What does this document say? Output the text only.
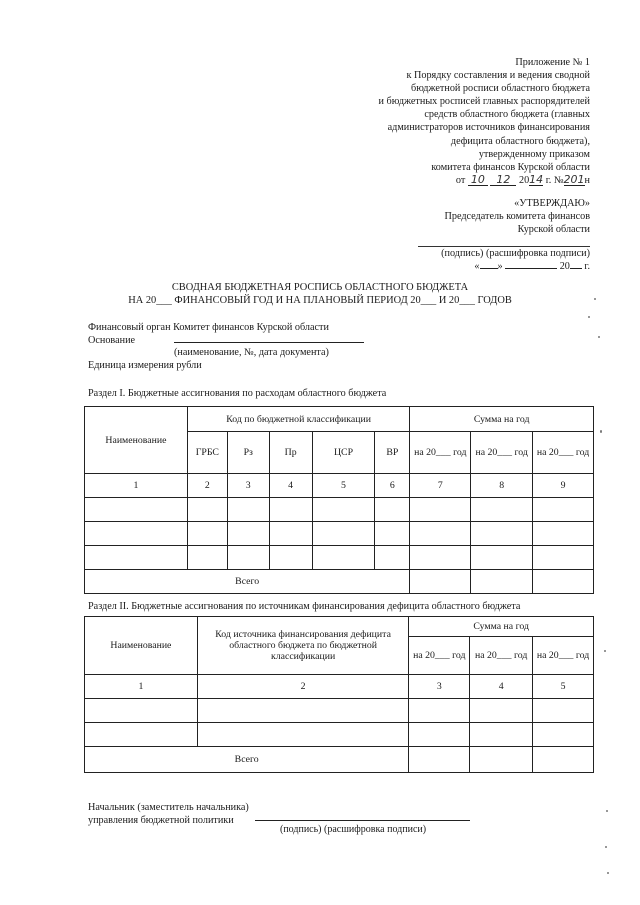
Приложение № 1
к Порядку составления и ведения сводной
бюджетной росписи областного бюджета
и бюджетных росписей главных распорядителей
средств областного бюджета (главных
администраторов источников финансирования
дефицита областного бюджета),
утвержденному приказом
комитета финансов Курской области
от 10 12 2014 г. №201н
«УТВЕРЖДАЮ»
Председатель комитета финансов
Курской области
(подпись) (расшифровка подписи)
« »	20 г.
СВОДНАЯ БЮДЖЕТНАЯ РОСПИСЬ ОБЛАСТНОГО БЮДЖЕТА
НА 20___ ФИНАНСОВЫЙ ГОД И НА ПЛАНОВЫЙ ПЕРИОД 20___ И 20___ ГОДОВ
Финансовый орган Комитет финансов Курской области
Основание
(наименование, №, дата документа)
Единица измерения рубли
Раздел I. Бюджетные ассигнования по расходам областного бюджета
Наименование	Код по бюджетной классификации					Сумма на год		
	ГРБС	Рз	Пр	ЦСР	ВР	на 20___ год	на 20___ год	на 20___ год
1	2	3	4	5	6	7	8	9

Всего								
Раздел II. Бюджетные ассигнования по источникам финансирования дефицита областного бюджета
Наименование	Код источника финансирования дефицита областного бюджета по бюджетной классификации	Сумма на год		
		на 20___ год	на 20___ год	на 20___ год
1	2	3	4	5

Всего				
Начальник (заместитель начальника)
управления бюджетной политики
(подпись) (расшифровка подписи)
